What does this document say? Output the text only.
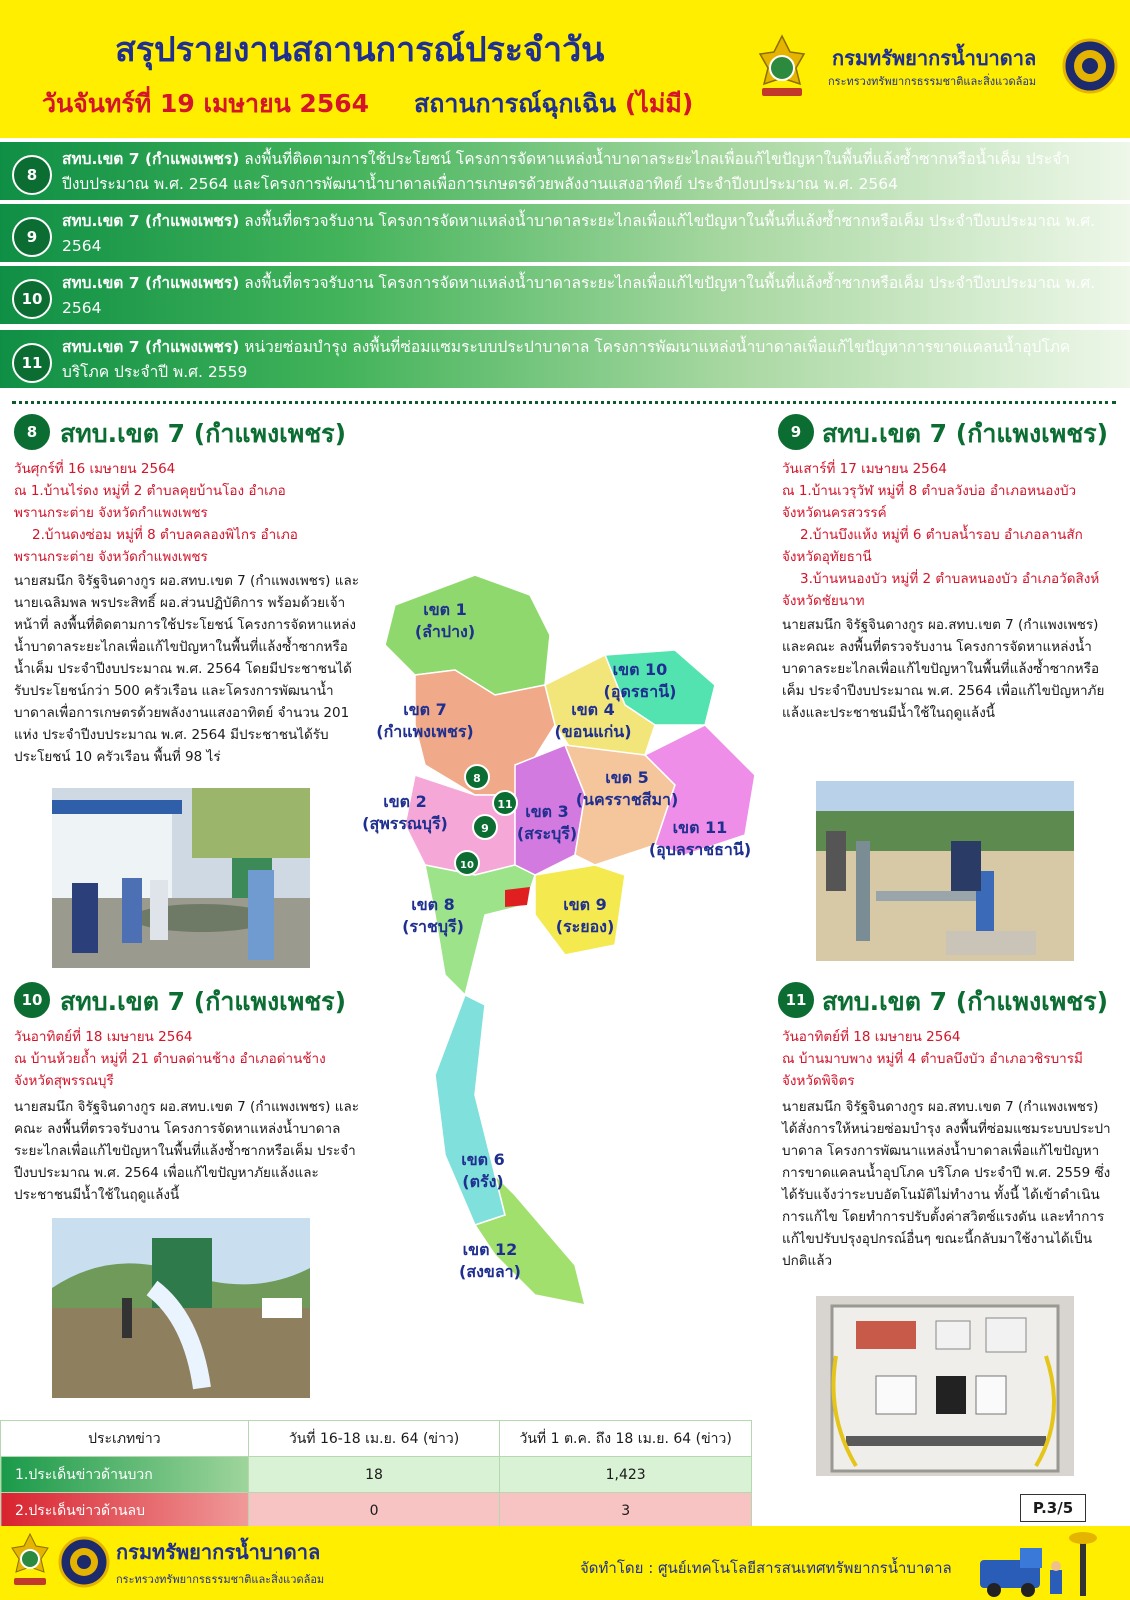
สรุปรายงานสถานการณ์ประจำวัน
วันจันทร์ที่ 19 เมษายน 2564 สถานการณ์ฉุกเฉิน (ไม่มี)
กรมทรัพยากรน้ำบาดาล
กระทรวงทรัพยากรธรรมชาติและสิ่งแวดล้อม
8
สทบ.เขต 7 (กำแพงเพชร) ลงพื้นที่ติดตามการใช้ประโยชน์ โครงการจัดหาแหล่งน้ำบาดาลระยะไกลเพื่อแก้ไขปัญหาในพื้นที่แล้งซ้ำซากหรือน้ำเค็ม ประจำปีงบประมาณ พ.ศ. 2564 และโครงการพัฒนาน้ำบาดาลเพื่อการเกษตรด้วยพลังงานแสงอาทิตย์ ประจำปีงบประมาณ พ.ศ. 2564
9
สทบ.เขต 7 (กำแพงเพชร) ลงพื้นที่ตรวจรับงาน โครงการจัดหาแหล่งน้ำบาดาลระยะไกลเพื่อแก้ไขปัญหาในพื้นที่แล้งซ้ำซากหรือเค็ม ประจำปีงบประมาณ พ.ศ. 2564
10
สทบ.เขต 7 (กำแพงเพชร) ลงพื้นที่ตรวจรับงาน โครงการจัดหาแหล่งน้ำบาดาลระยะไกลเพื่อแก้ไขปัญหาในพื้นที่แล้งซ้ำซากหรือเค็ม ประจำปีงบประมาณ พ.ศ. 2564
11
สทบ.เขต 7 (กำแพงเพชร) หน่วยซ่อมบำรุง ลงพื้นที่ซ่อมแซมระบบประปาบาดาล โครงการพัฒนาแหล่งน้ำบาดาลเพื่อแก้ไขปัญหาการขาดแคลนน้ำอุปโภค บริโภค ประจำปี พ.ศ. 2559
8 สทบ.เขต 7 (กำแพงเพชร)
วันศุกร์ที่ 16 เมษายน 2564
ณ 1.บ้านไร่ดง หมู่ที่ 2 ตำบลคุยบ้านโอง อำเภอพรานกระต่าย จังหวัดกำแพงเพชร
2.บ้านดงซ่อม หมู่ที่ 8 ตำบลคลองพิไกร อำเภอพรานกระต่าย จังหวัดกำแพงเพชร
นายสมนึก จิรัฐจินดางกูร ผอ.สทบ.เขต 7 (กำแพงเพชร) และนายเฉลิมพล พรประสิทธิ์ ผอ.ส่วนปฏิบัติการ พร้อมด้วยเจ้าหน้าที่ ลงพื้นที่ติดตามการใช้ประโยชน์ โครงการจัดหาแหล่งน้ำบาดาลระยะไกลเพื่อแก้ไขปัญหาในพื้นที่แล้งซ้ำซากหรือน้ำเค็ม ประจำปีงบประมาณ พ.ศ. 2564 โดยมีประชาชนได้รับประโยชน์กว่า 500 ครัวเรือน และโครงการพัฒนาน้ำบาดาลเพื่อการเกษตรด้วยพลังงานแสงอาทิตย์ จำนวน 201 แห่ง ประจำปีงบประมาณ พ.ศ. 2564 มีประชาชนได้รับประโยชน์ 10 ครัวเรือน พื้นที่ 98 ไร่
9 สทบ.เขต 7 (กำแพงเพชร)
วันเสาร์ที่ 17 เมษายน 2564
ณ 1.บ้านเวรุวัฬ หมู่ที่ 8 ตำบลวังบ่อ อำเภอหนองบัว จังหวัดนครสวรรค์
2.บ้านบึงแห้ง หมู่ที่ 6 ตำบลน้ำรอบ อำเภอลานสัก จังหวัดอุทัยธานี
3.บ้านหนองบัว หมู่ที่ 2 ตำบลหนองบัว อำเภอวัดสิงห์ จังหวัดชัยนาท
นายสมนึก จิรัฐจินดางกูร ผอ.สทบ.เขต 7 (กำแพงเพชร) และคณะ ลงพื้นที่ตรวจรับงาน โครงการจัดหาแหล่งน้ำบาดาลระยะไกลเพื่อแก้ไขปัญหาในพื้นที่แล้งซ้ำซากหรือเค็ม ประจำปีงบประมาณ พ.ศ. 2564 เพื่อแก้ไขปัญหาภัยแล้งและประชาชนมีน้ำใช้ในฤดูแล้งนี้
10 สทบ.เขต 7 (กำแพงเพชร)
วันอาทิตย์ที่ 18 เมษายน 2564
ณ บ้านห้วยถ้ำ หมู่ที่ 21 ตำบลด่านช้าง อำเภอด่านช้าง จังหวัดสุพรรณบุรี
นายสมนึก จิรัฐจินดางกูร ผอ.สทบ.เขต 7 (กำแพงเพชร) และคณะ ลงพื้นที่ตรวจรับงาน โครงการจัดหาแหล่งน้ำบาดาลระยะไกลเพื่อแก้ไขปัญหาในพื้นที่แล้งซ้ำซากหรือเค็ม ประจำปีงบประมาณ พ.ศ. 2564 เพื่อแก้ไขปัญหาภัยแล้งและประชาชนมีน้ำใช้ในฤดูแล้งนี้
11 สทบ.เขต 7 (กำแพงเพชร)
วันอาทิตย์ที่ 18 เมษายน 2564
ณ บ้านมาบพาง หมู่ที่ 4 ตำบลบึงบัว อำเภอวชิรบารมี จังหวัดพิจิตร
นายสมนึก จิรัฐจินดางกูร ผอ.สทบ.เขต 7 (กำแพงเพชร) ได้สั่งการให้หน่วยซ่อมบำรุง ลงพื้นที่ซ่อมแซมระบบประปาบาดาล โครงการพัฒนาแหล่งน้ำบาดาลเพื่อแก้ไขปัญหาการขาดแคลนน้ำอุปโภค บริโภค ประจำปี พ.ศ. 2559 ซึ่งได้รับแจ้งว่าระบบอัตโนมัติไม่ทำงาน ทั้งนี้ ได้เข้าดำเนินการแก้ไข โดยทำการปรับตั้งค่าสวิตซ์แรงดัน และทำการแก้ไขปรับปรุงอุปกรณ์อื่นๆ ขณะนี้กลับมาใช้งานได้เป็นปกติแล้ว
เขต 1
(ลำปาง)
เขต 2
(สุพรรณบุรี)
เขต 3
(สระบุรี)
เขต 4
(ขอนแก่น)
เขต 5
(นครราชสีมา)
เขต 6
(ตรัง)
เขต 7
(กำแพงเพชร)
เขต 8
(ราชบุรี)
เขต 9
(ระยอง)
เขต 10
(อุดรธานี)
เขต 11
(อุบลราชธานี)
เขต 12
(สงขลา)
8
11
9
10
ประเภทข่าว	วันที่ 16-18 เม.ย. 64 (ข่าว)	วันที่ 1 ต.ค. ถึง 18 เม.ย. 64 (ข่าว)
1.ประเด็นข่าวด้านบวก	18	1,423
2.ประเด็นข่าวด้านลบ	0	3	P.3/5
กรมทรัพยากรน้ำบาดาล
กระทรวงทรัพยากรธรรมชาติและสิ่งแวดล้อม
จัดทำโดย : ศูนย์เทคโนโลยีสารสนเทศทรัพยากรน้ำบาดาล
